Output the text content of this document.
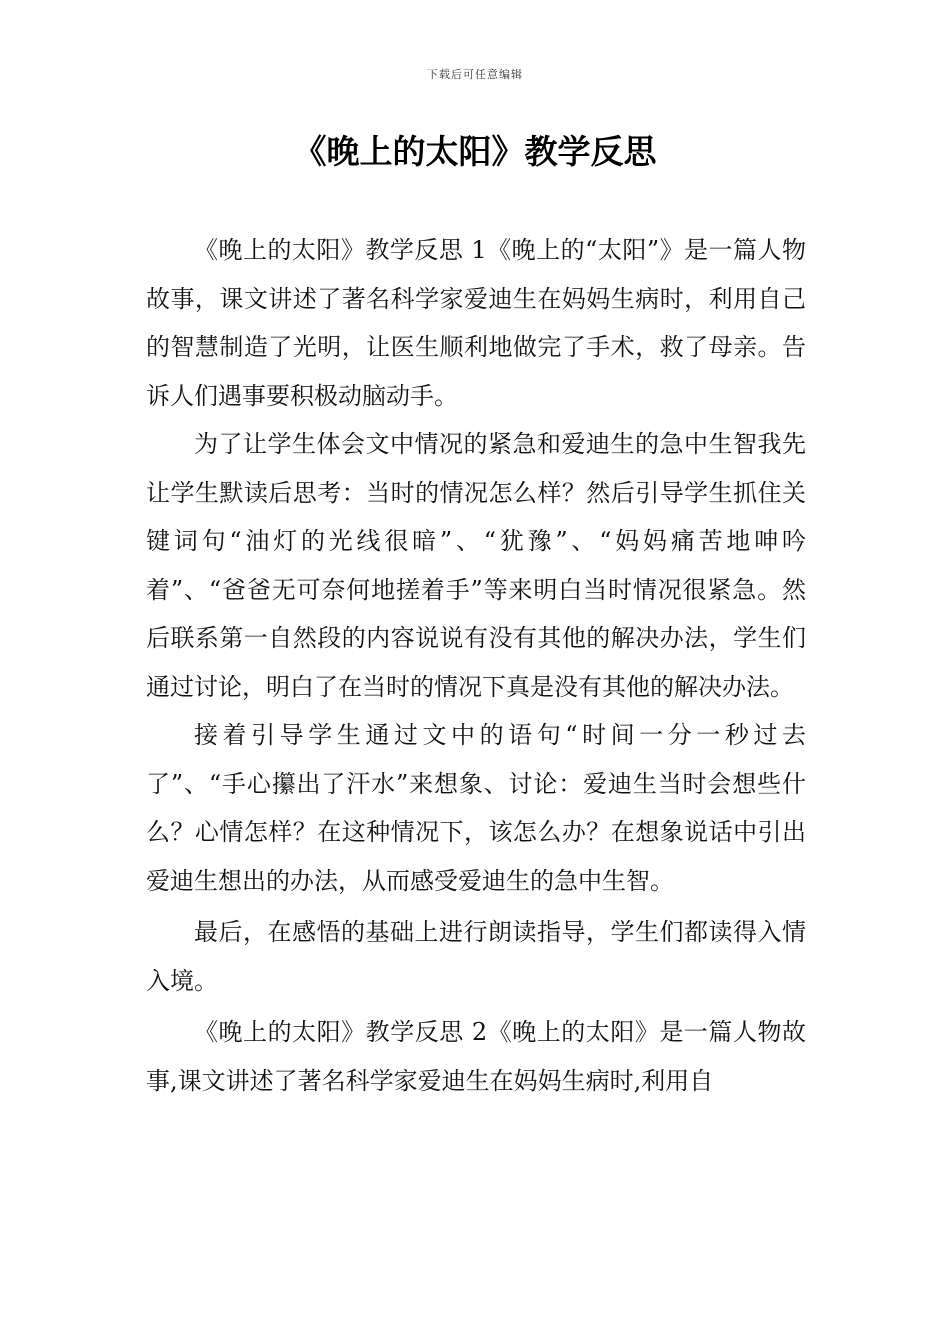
下载后可任意编辑
《晚上的太阳》教学反思

《晚上的太阳》教学反思 1《晚上的“太阳”》是一篇人物故事，课文讲述了著名科学家爱迪生在妈妈生病时，利用自己的智慧制造了光明，让医生顺利地做完了手术，救了母亲。告诉人们遇事要积极动脑动手。

为了让学生体会文中情况的紧急和爱迪生的急中生智我先让学生默读后思考：当时的情况怎么样？然后引导学生抓住关键词句“油灯的光线很暗”、“犹豫”、“妈妈痛苦地呻吟着”、“爸爸无可奈何地搓着手”等来明白当时情况很紧急。然后联系第一自然段的内容说说有没有其他的解决办法，学生们通过讨论，明白了在当时的情况下真是没有其他的解决办法。

接着引导学生通过文中的语句“时间一分一秒过去了”、“手心攥出了汗水”来想象、讨论：爱迪生当时会想些什么？心情怎样？在这种情况下，该怎么办？在想象说话中引出爱迪生想出的办法，从而感受爱迪生的急中生智。

最后，在感悟的基础上进行朗读指导，学生们都读得入情入境。

《晚上的太阳》教学反思 2《晚上的太阳》是一篇人物故事,课文讲述了著名科学家爱迪生在妈妈生病时,利用自
